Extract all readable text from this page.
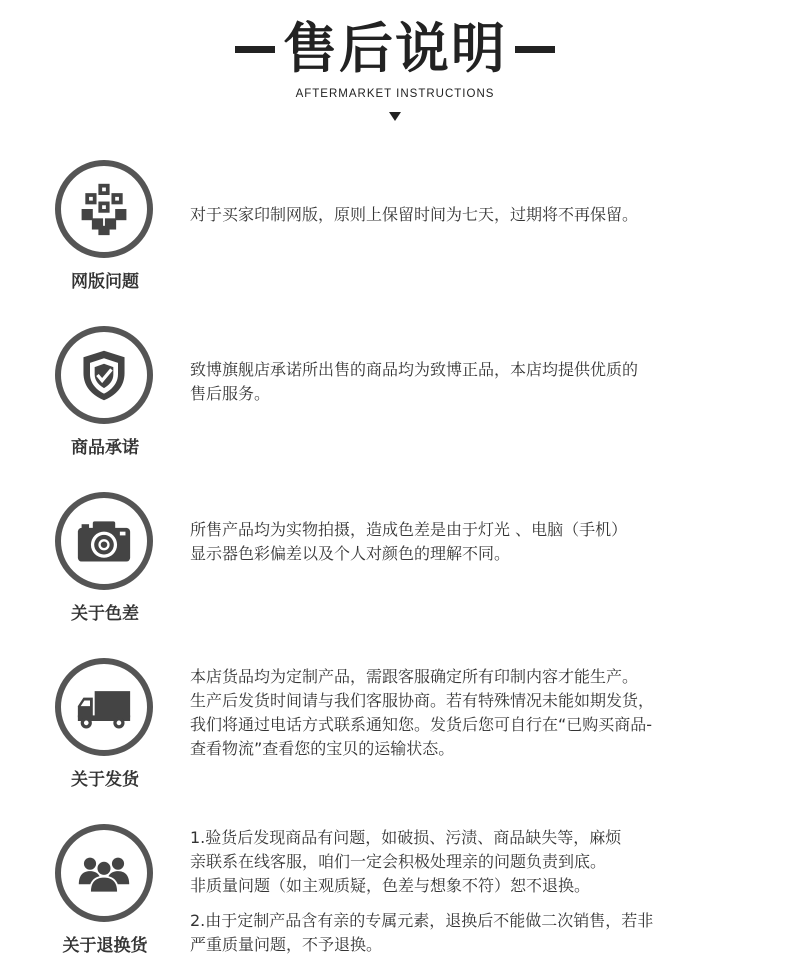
售后说明
AFTERMARKET INSTRUCTIONS
网版问题

对于买家印制网版，原则上保留时间为七天，过期将不再保留。

商品承诺

致博旗舰店承诺所出售的商品均为致博正品，本店均提供优质的

售后服务。

关于色差

所售产品均为实物拍摄，造成色差是由于灯光 、电脑（手机）

显示器色彩偏差以及个人对颜色的理解不同。

关于发货

本店货品均为定制产品，需跟客服确定所有印制内容才能生产。

生产后发货时间请与我们客服协商。若有特殊情况未能如期发货，

我们将通过电话方式联系通知您。发货后您可自行在“已购买商品-

查看物流”查看您的宝贝的运输状态。

关于退换货

1.验货后发现商品有问题，如破损、污渍、商品缺失等，麻烦

亲联系在线客服，咱们一定会积极处理亲的问题负责到底。

非质量问题（如主观质疑，色差与想象不符）恕不退换。

2.由于定制产品含有亲的专属元素，退换后不能做二次销售，若非

严重质量问题，不予退换。
